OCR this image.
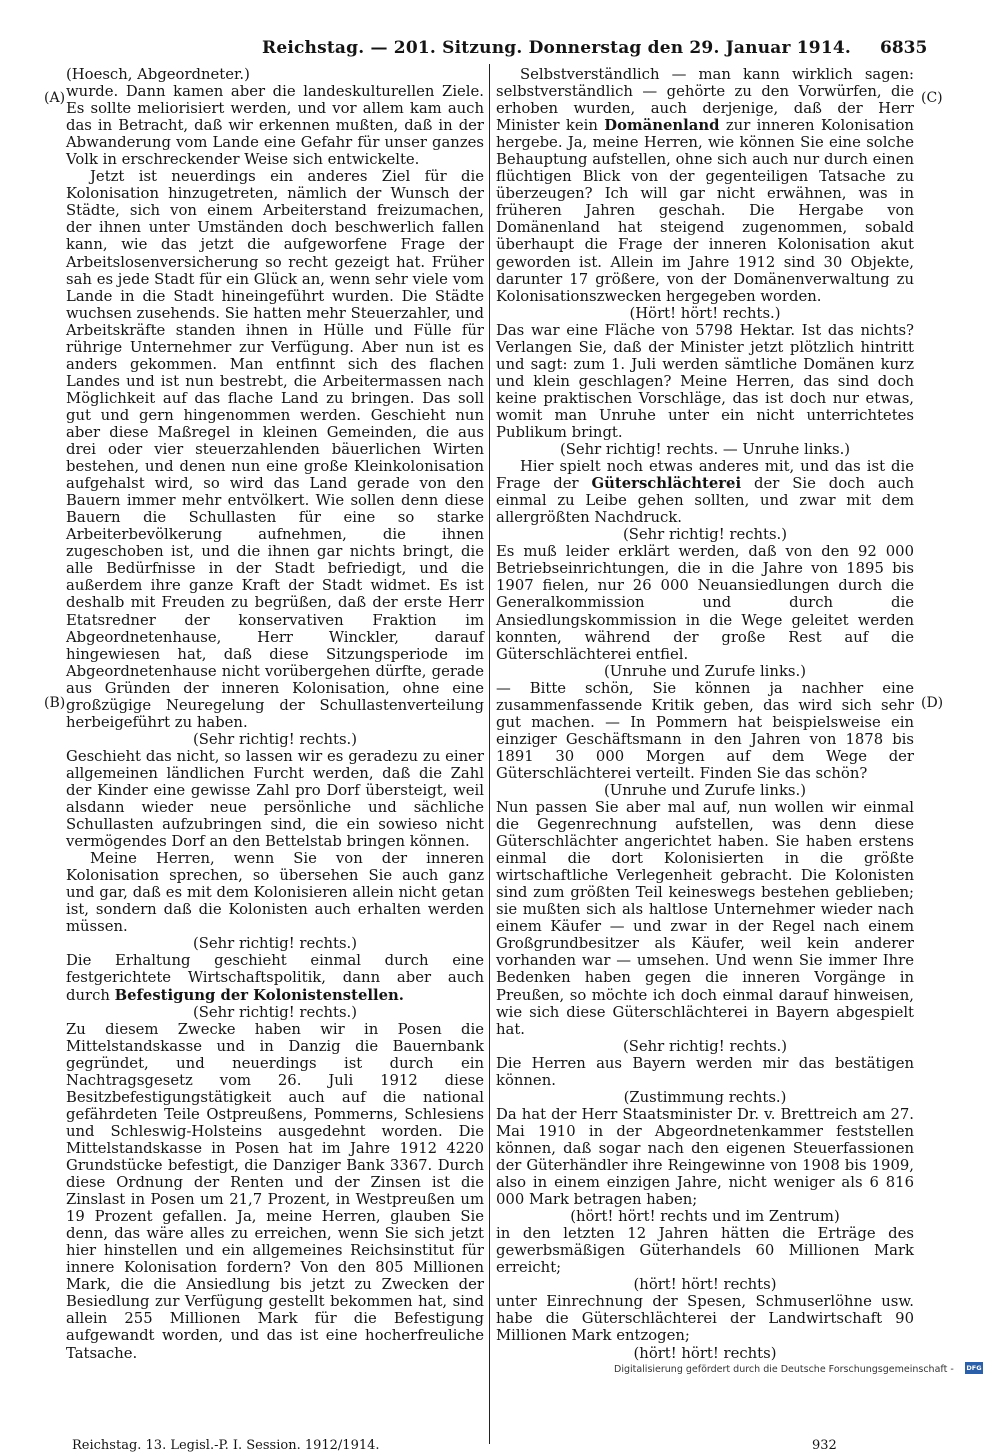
Reichstag. — 201. Sitzung. Donnerstag den 29. Januar 1914. 6835
(A)
(B)
(C)
(D)

(Hoesch, Abgeordneter.)

wurde. Dann kamen aber die landeskulturellen Ziele. Es sollte meliorisiert werden, und vor allem kam auch das in Betracht, daß wir erkennen mußten, daß in der Abwanderung vom Lande eine Gefahr für unser ganzes Volk in erschreckender Weise sich entwickelte.

Jetzt ist neuerdings ein anderes Ziel für die Kolonisation hinzugetreten, nämlich der Wunsch der Städte, sich von einem Arbeiterstand freizumachen, der ihnen unter Umständen doch beschwerlich fallen kann, wie das jetzt die aufgeworfene Frage der Arbeitslosenversicherung so recht gezeigt hat. Früher sah es jede Stadt für ein Glück an, wenn sehr viele vom Lande in die Stadt hineingeführt wurden. Die Städte wuchsen zusehends. Sie hatten mehr Steuerzahler, und Arbeitskräfte standen ihnen in Hülle und Fülle für rührige Unternehmer zur Verfügung. Aber nun ist es anders gekommen. Man entfinnt sich des flachen Landes und ist nun bestrebt, die Arbeitermassen nach Möglichkeit auf das flache Land zu bringen. Das soll gut und gern hingenommen werden. Geschieht nun aber diese Maßregel in kleinen Gemeinden, die aus drei oder vier steuerzahlenden bäuerlichen Wirten bestehen, und denen nun eine große Kleinkolonisation aufgehalst wird, so wird das Land gerade von den Bauern immer mehr entvölkert. Wie sollen denn diese Bauern die Schullasten für eine so starke Arbeiterbevölkerung aufnehmen, die ihnen zugeschoben ist, und die ihnen gar nichts bringt, die alle Bedürfnisse in der Stadt befriedigt, und die außerdem ihre ganze Kraft der Stadt widmet. Es ist deshalb mit Freuden zu begrüßen, daß der erste Herr Etatsredner der konservativen Fraktion im Abgeordnetenhause, Herr Winckler, darauf hingewiesen hat, daß diese Sitzungsperiode im Abgeordnetenhause nicht vorübergehen dürfte, gerade aus Gründen der inneren Kolonisation, ohne eine großzügige Neuregelung der Schullastenverteilung herbeigeführt zu haben.

(Sehr richtig! rechts.)

Geschieht das nicht, so lassen wir es geradezu zu einer allgemeinen ländlichen Furcht werden, daß die Zahl der Kinder eine gewisse Zahl pro Dorf übersteigt, weil alsdann wieder neue persönliche und sächliche Schullasten aufzubringen sind, die ein sowieso nicht vermögendes Dorf an den Bettelstab bringen können.

Meine Herren, wenn Sie von der inneren Kolonisation sprechen, so übersehen Sie auch ganz und gar, daß es mit dem Kolonisieren allein nicht getan ist, sondern daß die Kolonisten auch erhalten werden müssen.

(Sehr richtig! rechts.)

Die Erhaltung geschieht einmal durch eine festgerichtete Wirtschaftspolitik, dann aber auch durch Befestigung der Kolonistenstellen.

(Sehr richtig! rechts.)

Zu diesem Zwecke haben wir in Posen die Mittelstandskasse und in Danzig die Bauernbank gegründet, und neuerdings ist durch ein Nachtragsgesetz vom 26. Juli 1912 diese Besitzbefestigungstätigkeit auch auf die national gefährdeten Teile Ostpreußens, Pommerns, Schlesiens und Schleswig-Holsteins ausgedehnt worden. Die Mittelstandskasse in Posen hat im Jahre 1912 4220 Grundstücke befestigt, die Danziger Bank 3367. Durch diese Ordnung der Renten und der Zinsen ist die Zinslast in Posen um 21,7 Prozent, in Westpreußen um 19 Prozent gefallen. Ja, meine Herren, glauben Sie denn, das wäre alles zu erreichen, wenn Sie sich jetzt hier hinstellen und ein allgemeines Reichsinstitut für innere Kolonisation fordern? Von den 805 Millionen Mark, die die Ansiedlung bis jetzt zu Zwecken der Besiedlung zur Verfügung gestellt bekommen hat, sind allein 255 Millionen Mark für die Befestigung aufgewandt worden, und das ist eine hocherfreuliche Tatsache.

Selbstverständlich — man kann wirklich sagen: selbstverständlich — gehörte zu den Vorwürfen, die erhoben wurden, auch derjenige, daß der Herr Minister kein Domänenland zur inneren Kolonisation hergebe. Ja, meine Herren, wie können Sie eine solche Behauptung aufstellen, ohne sich auch nur durch einen flüchtigen Blick von der gegenteiligen Tatsache zu überzeugen? Ich will gar nicht erwähnen, was in früheren Jahren geschah. Die Hergabe von Domänenland hat steigend zugenommen, sobald überhaupt die Frage der inneren Kolonisation akut geworden ist. Allein im Jahre 1912 sind 30 Objekte, darunter 17 größere, von der Domänenverwaltung zu Kolonisationszwecken hergegeben worden.

(Hört! hört! rechts.)

Das war eine Fläche von 5798 Hektar. Ist das nichts? Verlangen Sie, daß der Minister jetzt plötzlich hintritt und sagt: zum 1. Juli werden sämtliche Domänen kurz und klein geschlagen? Meine Herren, das sind doch keine praktischen Vorschläge, das ist doch nur etwas, womit man Unruhe unter ein nicht unterrichtetes Publikum bringt.

(Sehr richtig! rechts. — Unruhe links.)

Hier spielt noch etwas anderes mit, und das ist die Frage der Güterschlächterei der Sie doch auch einmal zu Leibe gehen sollten, und zwar mit dem allergrößten Nachdruck.

(Sehr richtig! rechts.)

Es muß leider erklärt werden, daß von den 92 000 Betriebseinrichtungen, die in die Jahre von 1895 bis 1907 fielen, nur 26 000 Neuansiedlungen durch die Generalkommission und durch die Ansiedlungskommission in die Wege geleitet werden konnten, während der große Rest auf die Güterschlächterei entfiel.

(Unruhe und Zurufe links.)

— Bitte schön, Sie können ja nachher eine zusammenfassende Kritik geben, das wird sich sehr gut machen. — In Pommern hat beispielsweise ein einziger Geschäftsmann in den Jahren von 1878 bis 1891 30 000 Morgen auf dem Wege der Güterschlächterei verteilt. Finden Sie das schön?

(Unruhe und Zurufe links.)

Nun passen Sie aber mal auf, nun wollen wir einmal die Gegenrechnung aufstellen, was denn diese Güterschlächter angerichtet haben. Sie haben erstens einmal die dort Kolonisierten in die größte wirtschaftliche Verlegenheit gebracht. Die Kolonisten sind zum größten Teil keineswegs bestehen geblieben; sie mußten sich als haltlose Unternehmer wieder nach einem Käufer — und zwar in der Regel nach einem Großgrundbesitzer als Käufer, weil kein anderer vorhanden war — umsehen. Und wenn Sie immer Ihre Bedenken haben gegen die inneren Vorgänge in Preußen, so möchte ich doch einmal darauf hinweisen, wie sich diese Güterschlächterei in Bayern abgespielt hat.

(Sehr richtig! rechts.)

Die Herren aus Bayern werden mir das bestätigen können.

(Zustimmung rechts.)

Da hat der Herr Staatsminister Dr. v. Brettreich am 27. Mai 1910 in der Abgeordnetenkammer feststellen können, daß sogar nach den eigenen Steuerfassionen der Güterhändler ihre Reingewinne von 1908 bis 1909, also in einem einzigen Jahre, nicht weniger als 6 816 000 Mark betragen haben;

(hört! hört! rechts und im Zentrum)

in den letzten 12 Jahren hätten die Erträge des gewerbsmäßigen Güterhandels 60 Millionen Mark erreicht;

(hört! hört! rechts)

unter Einrechnung der Spesen, Schmuserlöhne usw. habe die Güterschlächterei der Landwirtschaft 90 Millionen Mark entzogen;

(hört! hört! rechts)

Reichstag. 13. Legisl.-P. I. Session. 1912/1914.	932
Digitalisierung gefördert durch die Deutsche Forschungsgemeinschaft - DFG
